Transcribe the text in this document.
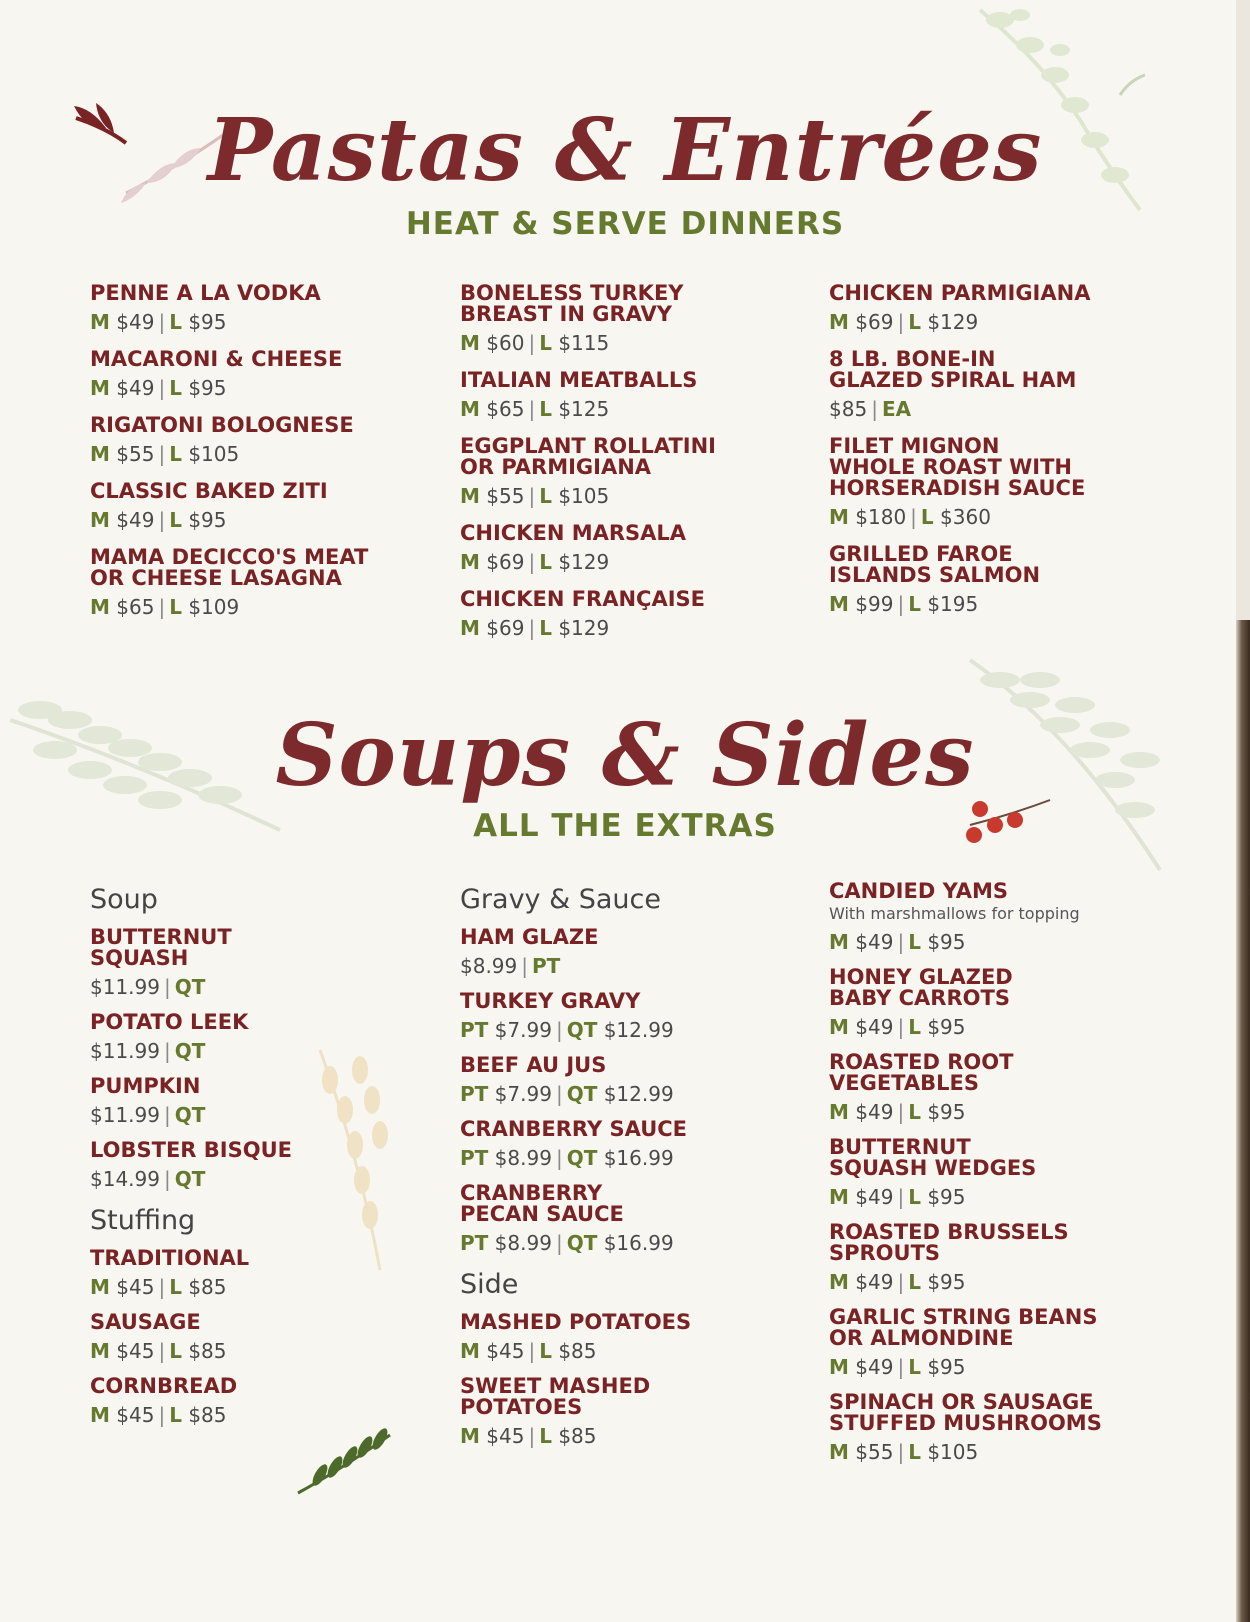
Pastas & Entrées
HEAT & SERVE DINNERS
PENNE A LA VODKA
M $49 | L $95
MACARONI & CHEESE
M $49 | L $95
RIGATONI BOLOGNESE
M $55 | L $105
CLASSIC BAKED ZITI
M $49 | L $95
MAMA DECICCO'S MEAT
OR CHEESE LASAGNA
M $65 | L $109
BONELESS TURKEY
BREAST IN GRAVY
M $60 | L $115
ITALIAN MEATBALLS
M $65 | L $125
EGGPLANT ROLLATINI
OR PARMIGIANA
M $55 | L $105
CHICKEN MARSALA
M $69 | L $129
CHICKEN FRANÇAISE
M $69 | L $129
CHICKEN PARMIGIANA
M $69 | L $129
8 LB. BONE-IN
GLAZED SPIRAL HAM
$85 | EA
FILET MIGNON
WHOLE ROAST WITH
HORSERADISH SAUCE
M $180 | L $360
GRILLED FAROE
ISLANDS SALMON
M $99 | L $195
Soups & Sides
ALL THE EXTRAS
Soup
BUTTERNUT
SQUASH
$11.99 | QT
POTATO LEEK
$11.99 | QT
PUMPKIN
$11.99 | QT
LOBSTER BISQUE
$14.99 | QT
Stuffing
TRADITIONAL
M $45 | L $85
SAUSAGE
M $45 | L $85
CORNBREAD
M $45 | L $85
Gravy & Sauce
HAM GLAZE
$8.99 | PT
TURKEY GRAVY
PT $7.99 | QT $12.99
BEEF AU JUS
PT $7.99 | QT $12.99
CRANBERRY SAUCE
PT $8.99 | QT $16.99
CRANBERRY
PECAN SAUCE
PT $8.99 | QT $16.99
Side
MASHED POTATOES
M $45 | L $85
SWEET MASHED
POTATOES
M $45 | L $85
CANDIED YAMS
With marshmallows for topping
M $49 | L $95
HONEY GLAZED
BABY CARROTS
M $49 | L $95
ROASTED ROOT
VEGETABLES
M $49 | L $95
BUTTERNUT
SQUASH WEDGES
M $49 | L $95
ROASTED BRUSSELS
SPROUTS
M $49 | L $95
GARLIC STRING BEANS
OR ALMONDINE
M $49 | L $95
SPINACH OR SAUSAGE
STUFFED MUSHROOMS
M $55 | L $105
